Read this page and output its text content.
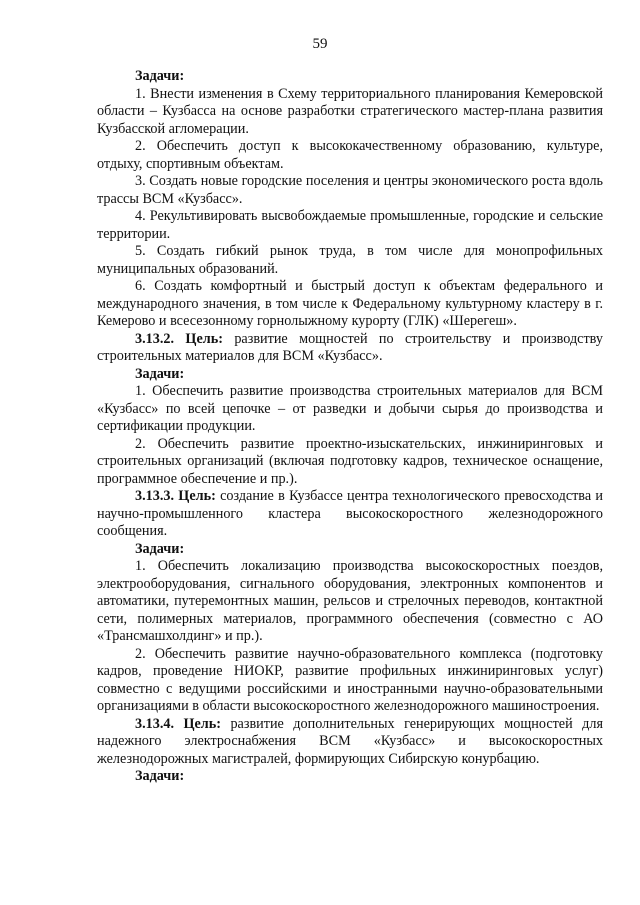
59

Задачи:

1. Внести изменения в Схему территориального планирования Кемеровской области – Кузбасса на основе разработки стратегического мастер-плана развития Кузбасской агломерации.

2. Обеспечить доступ к высококачественному образованию, культуре, отдыху, спортивным объектам.

3. Создать новые городские поселения и центры экономического роста вдоль трассы ВСМ «Кузбасс».

4. Рекультивировать высвобождаемые промышленные, городские и сельские территории.

5. Создать гибкий рынок труда, в том числе для монопрофильных муниципальных образований.

6. Создать комфортный и быстрый доступ к объектам федерального и международного значения, в том числе к Федеральному культурному кластеру в г. Кемерово и всесезонному горнолыжному курорту (ГЛК) «Шерегеш».

3.13.2. Цель: развитие мощностей по строительству и производству строительных материалов для ВСМ «Кузбасс».

Задачи:

1. Обеспечить развитие производства строительных материалов для ВСМ «Кузбасс» по всей цепочке – от разведки и добычи сырья до производства и сертификации продукции.

2. Обеспечить развитие проектно-изыскательских, инжиниринговых и строительных организаций (включая подготовку кадров, техническое оснащение, программное обеспечение и пр.).

3.13.3. Цель: создание в Кузбассе центра технологического превосходства и научно-промышленного кластера высокоскоростного железнодорожного сообщения.

Задачи:

1. Обеспечить локализацию производства высокоскоростных поездов, электрооборудования, сигнального оборудования, электронных компонентов и автоматики, путеремонтных машин, рельсов и стрелочных переводов, контактной сети, полимерных материалов, программного обеспечения (совместно с АО «Трансмашхолдинг» и пр.).

2. Обеспечить развитие научно-образовательного комплекса (подготовку кадров, проведение НИОКР, развитие профильных инжиниринговых услуг) совместно с ведущими российскими и иностранными научно-образовательными организациями в области высокоскоростного железнодорожного машиностроения.

3.13.4. Цель: развитие дополнительных генерирующих мощностей для надежного электроснабжения ВСМ «Кузбасс» и высокоскоростных железнодорожных магистралей, формирующих Сибирскую конурбацию.

Задачи:
